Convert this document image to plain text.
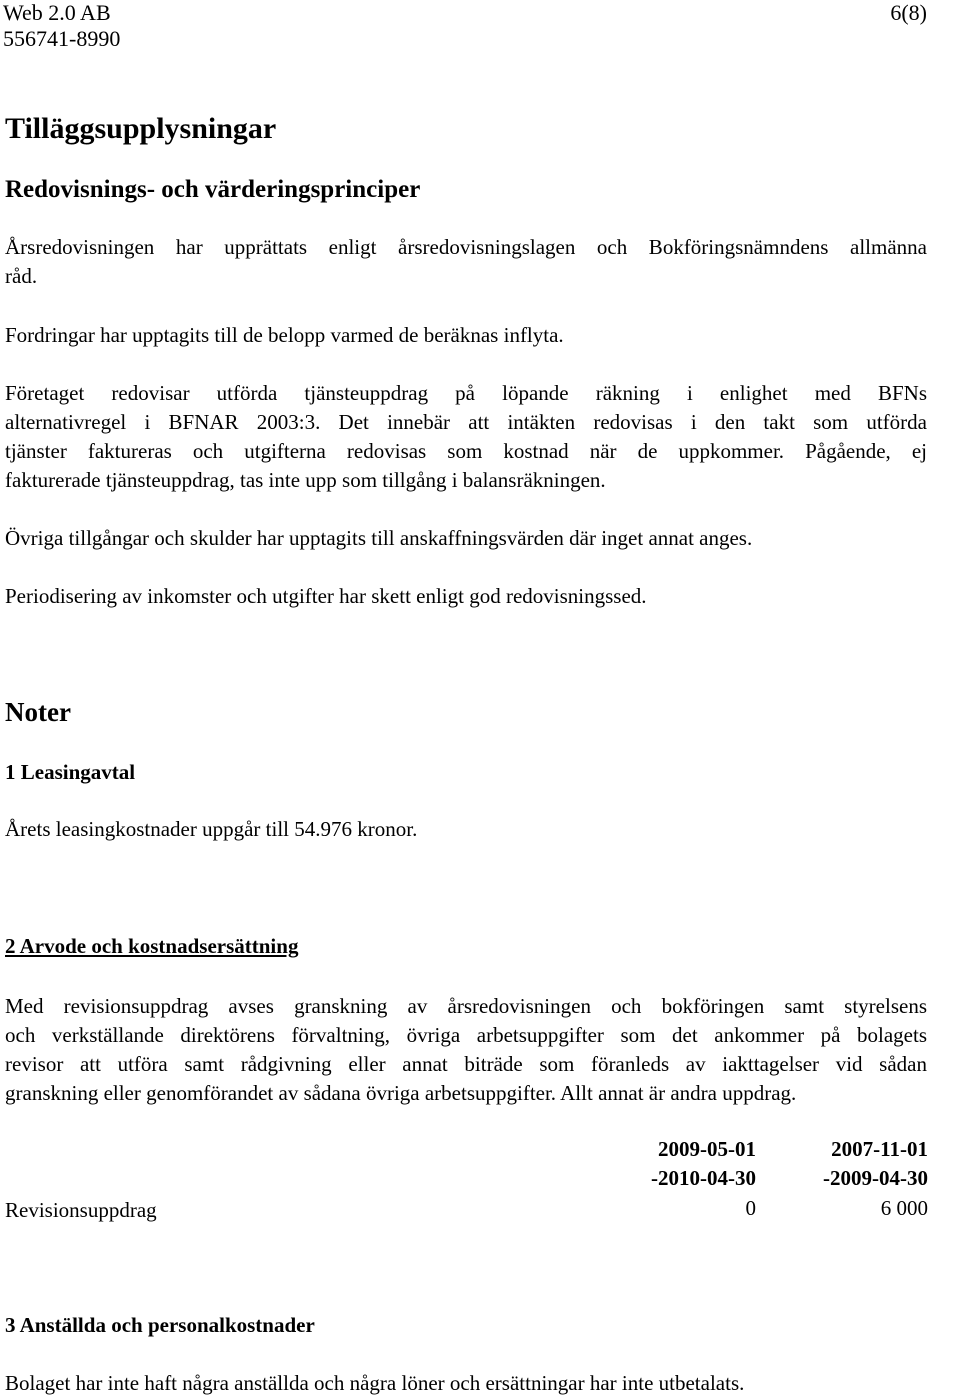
Web 2.0 AB
556741-8990
6(8)
Tilläggsupplysningar
Redovisnings- och värderingsprinciper
Årsredovisningen har upprättats enligt årsredovisningslagen och Bokföringsnämndens allmänna
råd.
Fordringar har upptagits till de belopp varmed de beräknas inflyta.
Företaget redovisar utförda tjänsteuppdrag på löpande räkning i enlighet med BFNs
alternativregel i BFNAR 2003:3. Det innebär att intäkten redovisas i den takt som utförda
tjänster faktureras och utgifterna redovisas som kostnad när de uppkommer. Pågående, ej
fakturerade tjänsteuppdrag, tas inte upp som tillgång i balansräkningen.
Övriga tillgångar och skulder har upptagits till anskaffningsvärden där inget annat anges.
Periodisering av inkomster och utgifter har skett enligt god redovisningssed.
Noter
1 Leasingavtal
Årets leasingkostnader uppgår till 54.976 kronor.
2 Arvode och kostnadsersättning
Med revisionsuppdrag avses granskning av årsredovisningen och bokföringen samt styrelsens
och verkställande direktörens förvaltning, övriga arbetsuppgifter som det ankommer på bolagets
revisor att utföra samt rådgivning eller annat biträde som föranleds av iakttagelser vid sådan
granskning eller genomförandet av sådana övriga arbetsuppgifter. Allt annat är andra uppdrag.
2009-05-01
-2010-04-30
2007-11-01
-2009-04-30
Revisionsuppdrag	0	6 000
3 Anställda och personalkostnader
Bolaget har inte haft några anställda och några löner och ersättningar har inte utbetalats.
